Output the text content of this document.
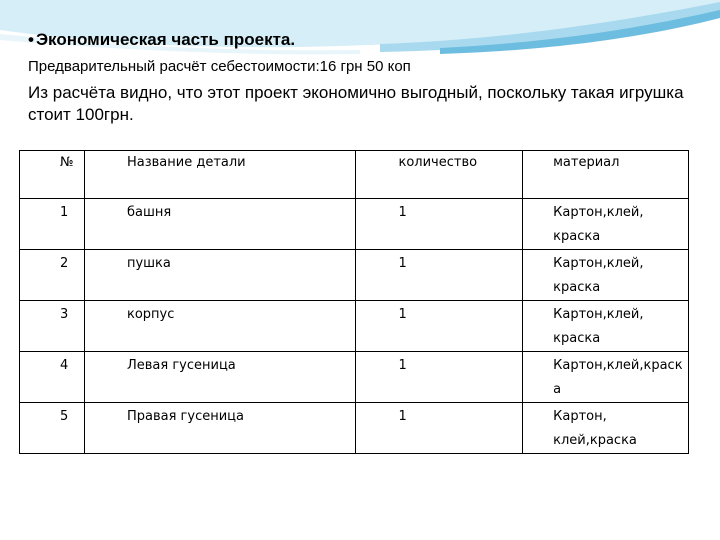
• Экономическая часть проекта.
Предварительный расчёт себестоимости:16 грн 50 коп
Из расчёта видно, что этот проект экономично выгодный, поскольку такая игрушка стоит 100грн.
№	Название детали	количество	материал

1	башня	1	Картон,клей, краска

2	пушка	1	Картон,клей, краска

3	корпус	1	Картон,клей, краска

4	Левая гусеница	1	Картон,клей,краска

5	Правая гусеница	1	Картон, клей,краска
